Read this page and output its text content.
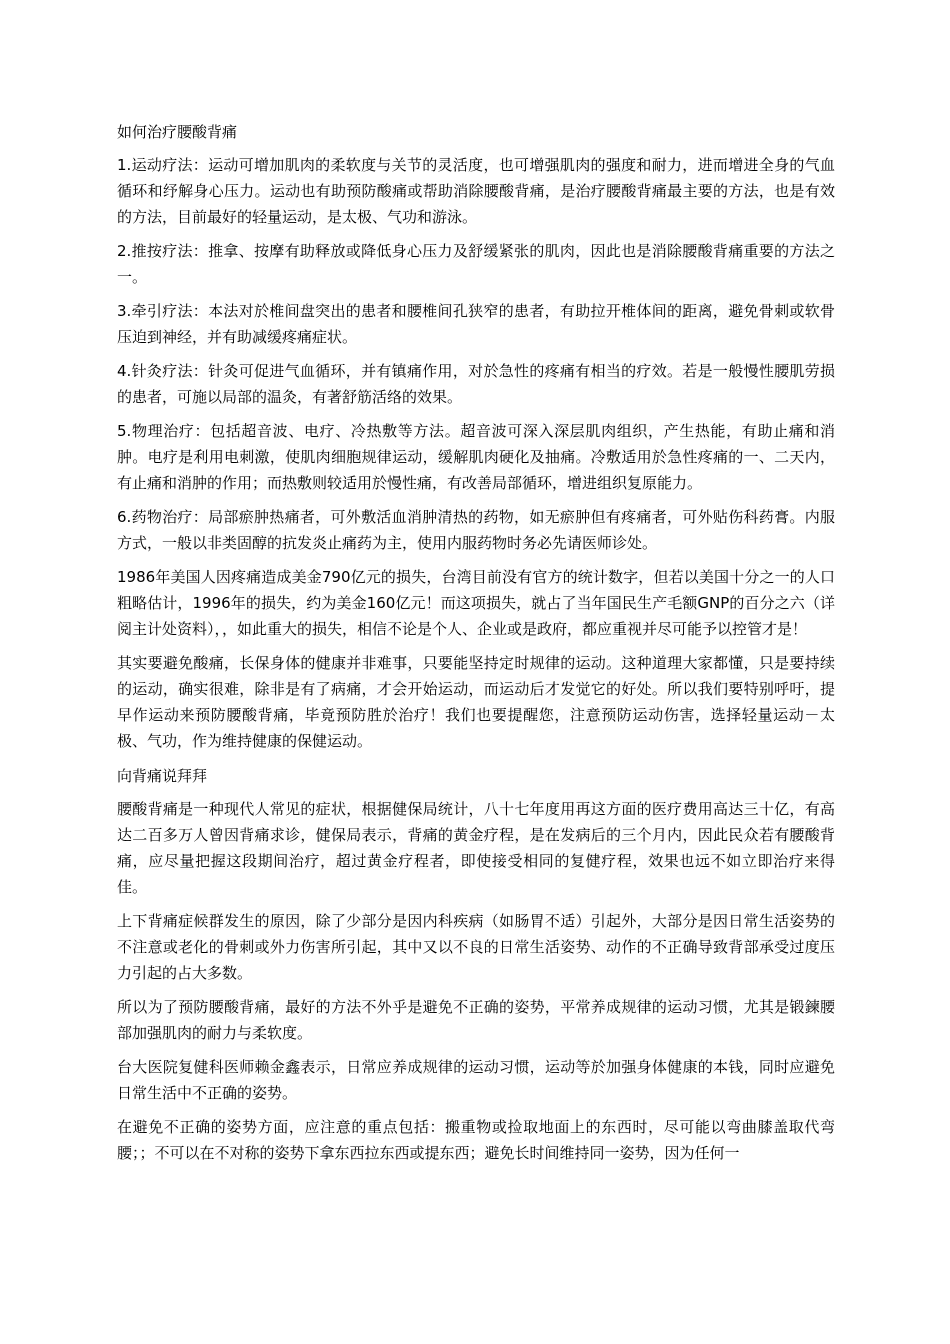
如何治疗腰酸背痛

1.运动疗法：运动可增加肌肉的柔软度与关节的灵活度，也可增强肌肉的强度和耐力，进而增进全身的气血循环和纾解身心压力。运动也有助预防酸痛或帮助消除腰酸背痛，是治疗腰酸背痛最主要的方法，也是有效的方法，目前最好的轻量运动，是太极、气功和游泳。

2.推按疗法：推拿、按摩有助释放或降低身心压力及舒缓紧张的肌肉，因此也是消除腰酸背痛重要的方法之一。

3.牵引疗法：本法对於椎间盘突出的患者和腰椎间孔狭窄的患者，有助拉开椎体间的距离，避免骨刺或软骨压迫到神经，并有助减缓疼痛症状。

4.针灸疗法：针灸可促进气血循环，并有镇痛作用，对於急性的疼痛有相当的疗效。若是一般慢性腰肌劳损的患者，可施以局部的温灸，有著舒筋活络的效果。

5.物理治疗：包括超音波、电疗、冷热敷等方法。超音波可深入深层肌肉组织，产生热能，有助止痛和消肿。电疗是利用电刺激，使肌肉细胞规律运动，缓解肌肉硬化及抽痛。冷敷适用於急性疼痛的一、二天内，有止痛和消肿的作用；而热敷则较适用於慢性痛，有改善局部循环，增进组织复原能力。

6.药物治疗：局部瘀肿热痛者，可外敷活血消肿清热的药物，如无瘀肿但有疼痛者，可外贴伤科药膏。内服方式，一般以非类固醇的抗发炎止痛药为主，使用内服药物时务必先请医师诊处。

1986年美国人因疼痛造成美金790亿元的损失，台湾目前没有官方的统计数字，但若以美国十分之一的人口粗略估计，1996年的损失，约为美金160亿元！而这项损失，就占了当年国民生产毛额GNP的百分之六（详阅主计处资料），，如此重大的损失，相信不论是个人、企业或是政府，都应重视并尽可能予以控管才是！

其实要避免酸痛，长保身体的健康并非难事，只要能坚持定时规律的运动。这种道理大家都懂，只是要持续的运动，确实很难，除非是有了病痛，才会开始运动，而运动后才发觉它的好处。所以我们要特别呼吁，提早作运动来预防腰酸背痛，毕竟预防胜於治疗！我们也要提醒您，注意预防运动伤害，选择轻量运动－太极、气功，作为维持健康的保健运动。

向背痛说拜拜

腰酸背痛是一种现代人常见的症状，根据健保局统计，八十七年度用再这方面的医疗费用高达三十亿，有高达二百多万人曾因背痛求诊，健保局表示，背痛的黄金疗程，是在发病后的三个月内，因此民众若有腰酸背痛，应尽量把握这段期间治疗，超过黄金疗程者，即使接受相同的复健疗程，效果也远不如立即治疗来得佳。

上下背痛症候群发生的原因，除了少部分是因内科疾病（如肠胃不适）引起外，大部分是因日常生活姿势的不注意或老化的骨刺或外力伤害所引起，其中又以不良的日常生活姿势、动作的不正确导致背部承受过度压力引起的占大多数。

所以为了预防腰酸背痛，最好的方法不外乎是避免不正确的姿势，平常养成规律的运动习惯，尤其是锻鍊腰部加强肌肉的耐力与柔软度。

台大医院复健科医师赖金鑫表示，日常应养成规律的运动习惯，运动等於加强身体健康的本钱，同时应避免日常生活中不正确的姿势。

在避免不正确的姿势方面，应注意的重点包括：搬重物或捡取地面上的东西时，尽可能以弯曲膝盖取代弯腰；；不可以在不对称的姿势下拿东西拉东西或提东西；避免长时间维持同一姿势，因为任何一
